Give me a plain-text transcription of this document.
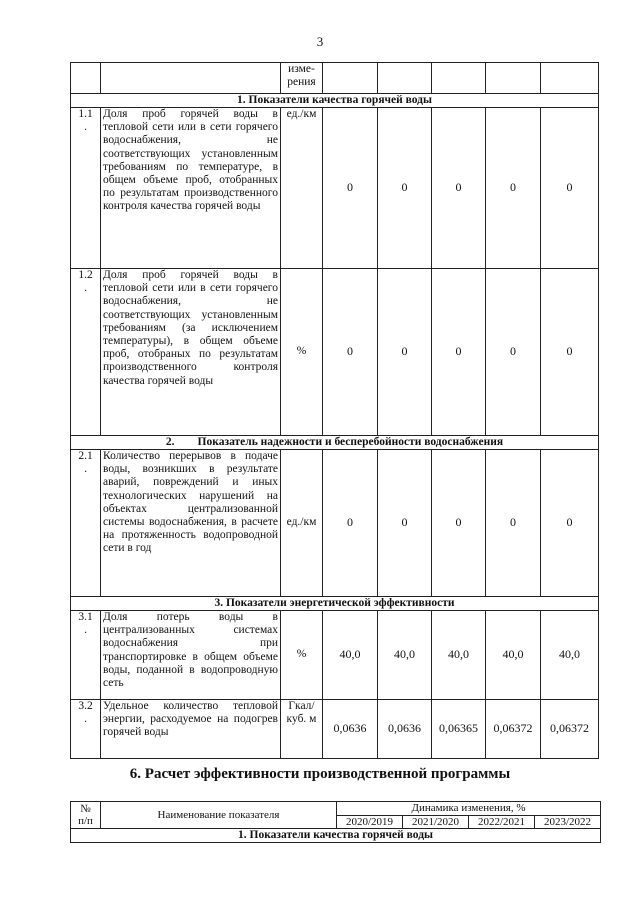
3
		изме-
рения					
1. Показатели качества горячей воды							
1.1
.	Доля проб горячей воды в тепловой сети или в сети горячего водоснабжения, не соответствующих установленным требованиям по температуре, в общем объеме проб, отобранных по результатам производственного контроля качества горячей воды	ед./км	0	0	0	0	0
1.2
.	Доля проб горячей воды в тепловой сети или в сети горячего водоснабжения, не соответствующих установленным требованиям (за исключением температуры), в общем объеме проб, отобраных по результатам производственного контроля качества горячей воды	%	0	0	0	0	0
2.        Показатель надежности и бесперебойности водоснабжения							
2.1
.	Количество перерывов в подаче воды, возникших в результате аварий, повреждений и иных технологических нарушений на объектах централизованной системы водоснабжения, в расчете на протяженность водопроводной сети в год	ед./км	0	0	0	0	0
3. Показатели энергетической эффективности							
3.1
.	Доля потерь воды в централизованных системах водоснабжения при транспортировке в общем объеме воды, поданной в водопроводную сеть	%	40,0	40,0	40,0	40,0	40,0
3.2
.	Удельное количество тепловой энергии, расходуемое на подогрев горячей воды	Гкал/
куб. м	0,0636	0,0636	0,06365	0,06372	0,06372
6. Расчет эффективности производственной программы
№
п/п	Наименование показателя	Динамика изменения, %			
		2020/2019	2021/2020	2022/2021	2023/2022
1. Показатели качества горячей воды					
